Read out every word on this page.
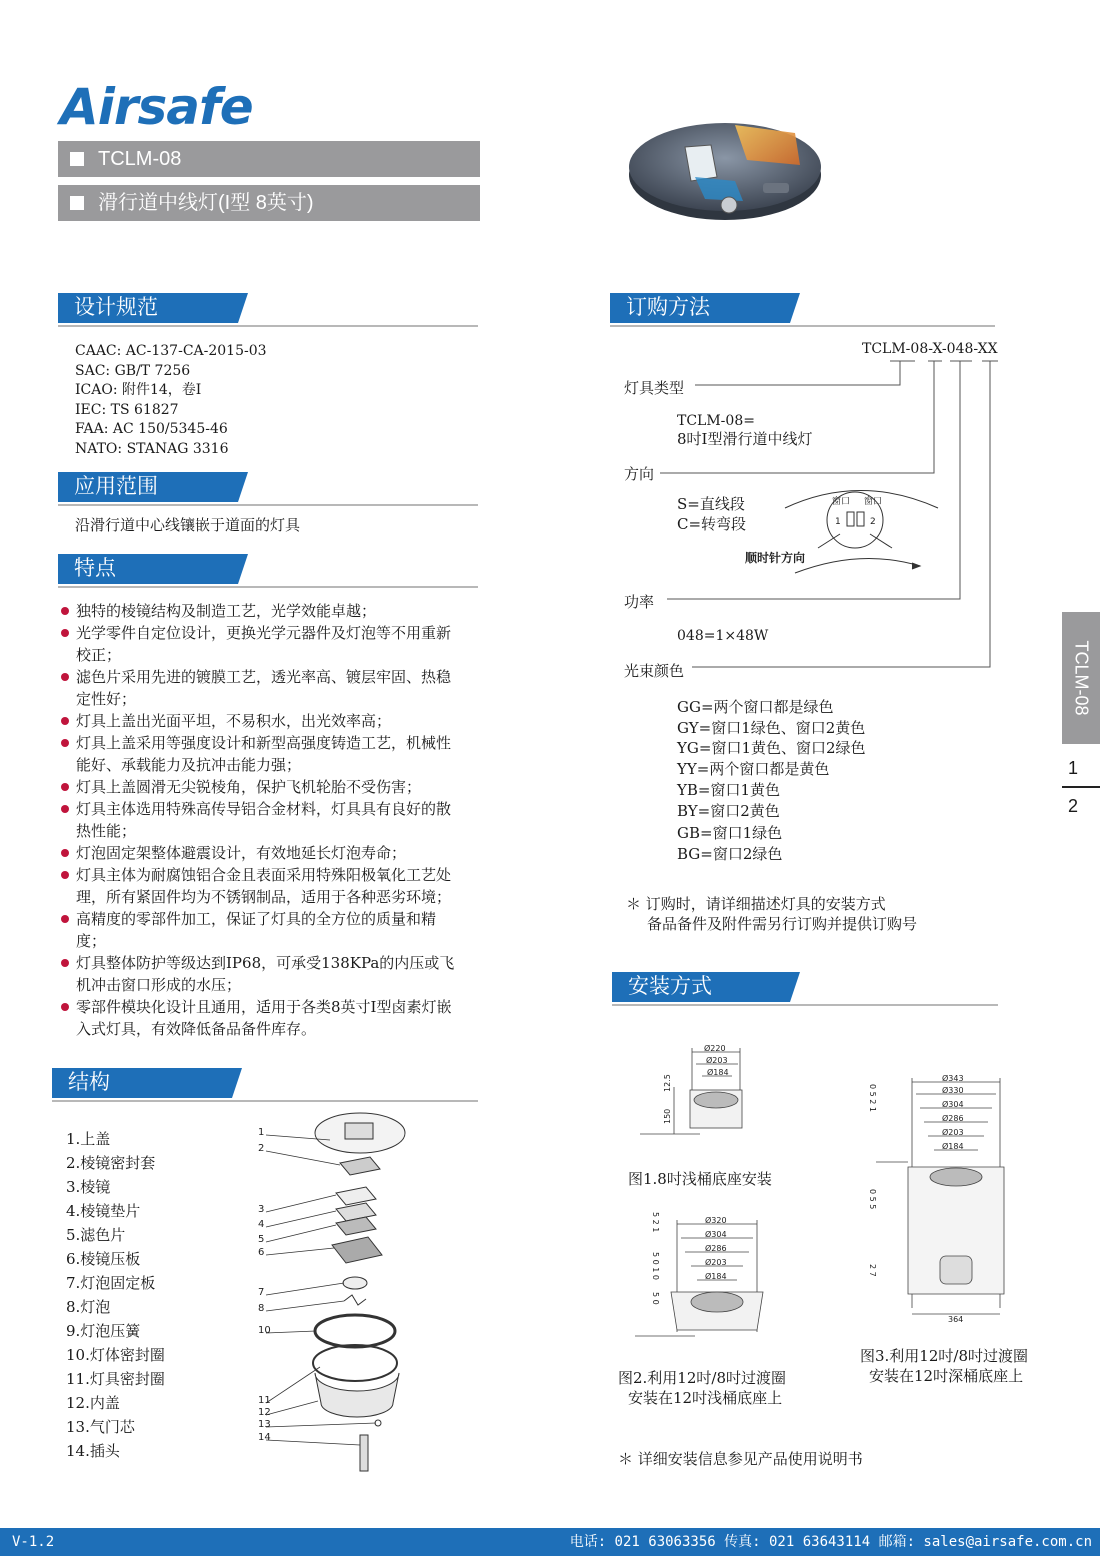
Airsafe
TCLM-08
滑行道中线灯(I型 8英寸)
设计规范
CAAC: AC-137-CA-2015-03
SAC: GB/T 7256
ICAO: 附件14，卷I
IEC: TS 61827
FAA: AC 150/5345-46
NATO: STANAG 3316
应用范围
沿滑行道中心线镶嵌于道面的灯具
特点
独特的棱镜结构及制造工艺，光学效能卓越；
光学零件自定位设计，更换光学元器件及灯泡等不用重新校正；
滤色片采用先进的镀膜工艺，透光率高、镀层牢固、热稳定性好；
灯具上盖出光面平坦，不易积水，出光效率高；
灯具上盖采用等强度设计和新型高强度铸造工艺，机械性能好、承载能力及抗冲击能力强；
灯具上盖圆滑无尖锐棱角，保护飞机轮胎不受伤害；
灯具主体选用特殊高传导铝合金材料，灯具具有良好的散热性能；
灯泡固定架整体避震设计，有效地延长灯泡寿命；
灯具主体为耐腐蚀铝合金且表面采用特殊阳极氧化工艺处理，所有紧固件均为不锈钢制品，适用于各种恶劣环境；
高精度的零部件加工，保证了灯具的全方位的质量和精度；
灯具整体防护等级达到IP68，可承受138KPa的内压或飞机冲击窗口形成的水压；
零部件模块化设计且通用，适用于各类8英寸I型卤素灯嵌入式灯具，有效降低备品备件库存。
结构
1.上盖
2.棱镜密封套
3.棱镜
4.棱镜垫片
5.滤色片
6.棱镜压板
7.灯泡固定板
8.灯泡
9.灯泡压簧
10.灯体密封圈
11.灯具密封圈
12.内盖
13.气门芯
14.插头
1
2
3
4
5
6
7
8
10
11
12
13
14
订购方法
TCLM-08-X-048-XX
灯具类型
TCLM-08=
8吋I型滑行道中线灯
方向
S=直线段
C=转弯段
窗口 窗口
1	2
顺时针方向
功率
048=1×48W
光束颜色
GG=两个窗口都是绿色
GY=窗口1绿色、窗口2黄色
YG=窗口1黄色、窗口2绿色
YY=两个窗口都是黄色
YB=窗口1黄色
BY=窗口2黄色
GB=窗口1绿色
BG=窗口2绿色
＊ 订购时，请详细描述灯具的安装方式
备品备件及附件需另行订购并提供订购号
安装方式
Ø220
Ø203
Ø184
12.5
150
图1.8吋浅桶底座安装
Ø320
Ø304
Ø286
Ø203
Ø184
5 2 1
5 0 1 0
5 0
图2.利用12吋/8吋过渡圈
安装在12吋浅桶底座上
Ø343
Ø330
Ø304
Ø286
Ø203
Ø184
0 5 2 1
0 5 5
2 7
364
图3.利用12吋/8吋过渡圈
安装在12吋深桶底座上
＊ 详细安装信息参见产品使用说明书
TCLM-08
1
2
V-1.2	电话: 021 63063356 传真: 021 63643114 邮箱: sales@airsafe.com.cn
